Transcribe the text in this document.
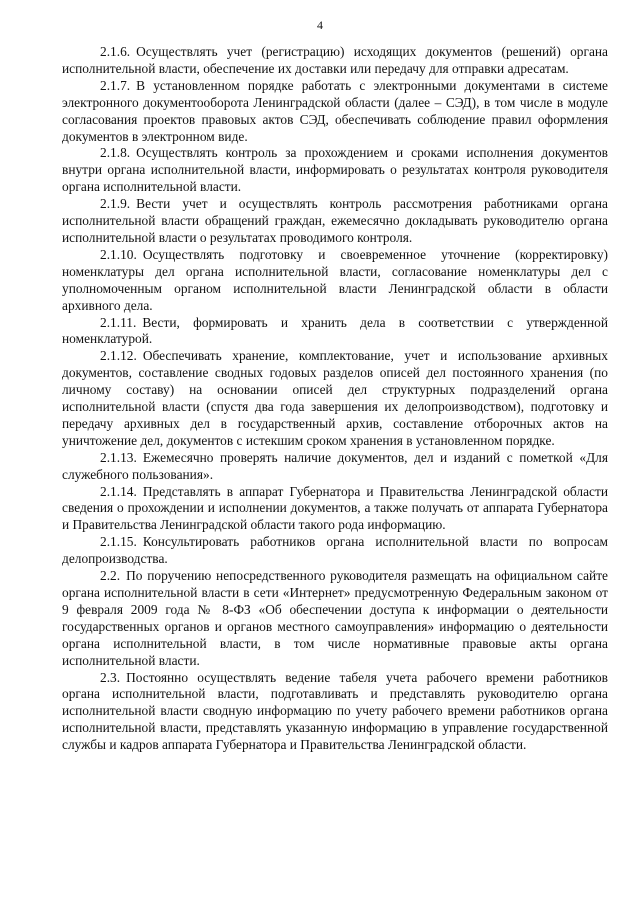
4

2.1.6. Осуществлять учет (регистрацию) исходящих документов (решений) органа исполнительной власти, обеспечение их доставки или передачу для отправки адресатам.

2.1.7. В установленном порядке работать с электронными документами в системе электронного документооборота Ленинградской области (далее – СЭД), в том числе в модуле согласования проектов правовых актов СЭД, обеспечивать соблюдение правил оформления документов в электронном виде.

2.1.8. Осуществлять контроль за прохождением и сроками исполнения документов внутри органа исполнительной власти, информировать о результатах контроля руководителя органа исполнительной власти.

2.1.9. Вести учет и осуществлять контроль рассмотрения работниками органа исполнительной власти обращений граждан, ежемесячно докладывать руководителю органа исполнительной власти о результатах проводимого контроля.

2.1.10. Осуществлять подготовку и своевременное уточнение (корректировку) номенклатуры дел органа исполнительной власти, согласование номенклатуры дел с уполномоченным органом исполнительной власти Ленинградской области в области архивного дела.

2.1.11. Вести, формировать и хранить дела в соответствии с утвержденной номенклатурой.

2.1.12. Обеспечивать хранение, комплектование, учет и использование архивных документов, составление сводных годовых разделов описей дел постоянного хранения (по личному составу) на основании описей дел структурных подразделений органа исполнительной власти (спустя два года завершения их делопроизводством), подготовку и передачу архивных дел в государственный архив, составление отборочных актов на уничтожение дел, документов с истекшим сроком хранения в установленном порядке.

2.1.13. Ежемесячно проверять наличие документов, дел и изданий с пометкой «Для служебного пользования».

2.1.14. Представлять в аппарат Губернатора и Правительства Ленинградской области сведения о прохождении и исполнении документов, а также получать от аппарата Губернатора и Правительства Ленинградской области такого рода информацию.

2.1.15. Консультировать работников органа исполнительной власти по вопросам делопроизводства.

2.2. По поручению непосредственного руководителя размещать на официальном сайте органа исполнительной власти в сети «Интернет» предусмотренную Федеральным законом от 9 февраля 2009 года № 8-ФЗ «Об обеспечении доступа к информации о деятельности государственных органов и органов местного самоуправления» информацию о деятельности органа исполнительной власти, в том числе нормативные правовые акты органа исполнительной власти.

2.3. Постоянно осуществлять ведение табеля учета рабочего времени работников органа исполнительной власти, подготавливать и представлять руководителю органа исполнительной власти сводную информацию по учету рабочего времени работников органа исполнительной власти, представлять указанную информацию в управление государственной службы и кадров аппарата Губернатора и Правительства Ленинградской области.
